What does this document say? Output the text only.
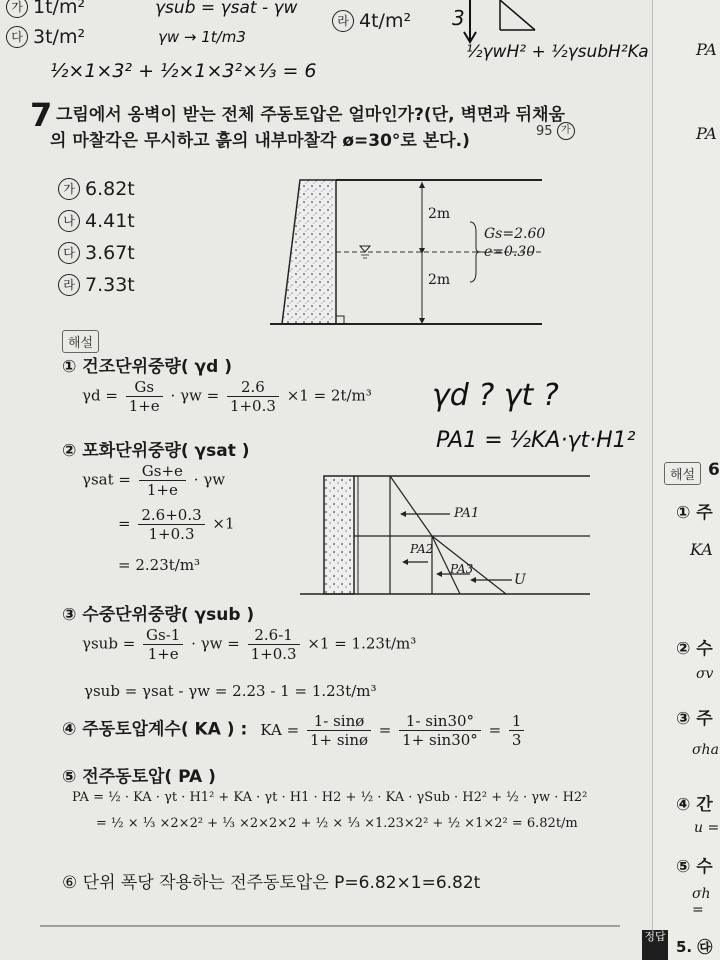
가 1t/m²
다 3t/m²
라 4t/m²
γsub = γsat - γw
γw → 1t/m3
½×1×3² + ½×1×3²×⅓ = 6
3
½γwH² + ½γsubH²Ka
7 그림에서 옹벽이 받는 전체 주동토압은 얼마인가?(단, 벽면과 뒤채움
의 마찰각은 무시하고 흙의 내부마찰각 ø=30°로 본다.)	95 가
가 6.82t
나 4.41t
다 3.67t
라 7.33t
2m
2m
Gs=2.60
e=0.30
해설
① 건조단위중량( γd )
$\gamma d = \frac{Gs}{1+e} \cdot \gamma w = \frac{2.6}{1+0.3} \times 1 = 2t/m^3$ γd ? γt ?
PA1 = ½KA·γt·H1²
② 포화단위중량( γsat )
$\gamma sat = \frac{Gs+e}{1+e} \cdot \gamma w$
= $\frac{2.6+0.3}{1+0.3} \times 1$
= 2.23t/m³
PA1
PA2
PA3
U
③ 수중단위중량( γsub )
$\gamma sub = \frac{Gs-1}{1+e} \cdot \gamma w = \frac{2.6-1}{1+0.3} \times 1 = 1.23t/m^3$
γsub = γsat - γw = 2.23 - 1 = 1.23t/m³
④ 주동토압계수( KA ) : KA = $\frac{1- \sin ø}{1+ \sin ø} = \frac{1- \sin 30^\circ}{1+ \sin 30^\circ} = \frac{1}{3}$
⑤ 전주동토압( PA )
PA = ½ · KA · γt · H1² + KA · γt · H1 · H2 + ½ · KA · γSub · H2² + ½ · γw · H2²
= ½ × ⅓ ×2×2² + ⅓ ×2×2×2 + ½ × ⅓ ×1.23×2² + ½ ×1×2² = 6.82t/m
⑥ 단위 폭당 작용하는 전주동토압은 P=6.82×1=6.82t
PA
PA
해설 6
① 주
KA
② 수
σv
③ 주
σha
④ 간
u =
⑤ 수
σh =
정답
5. ㉰
